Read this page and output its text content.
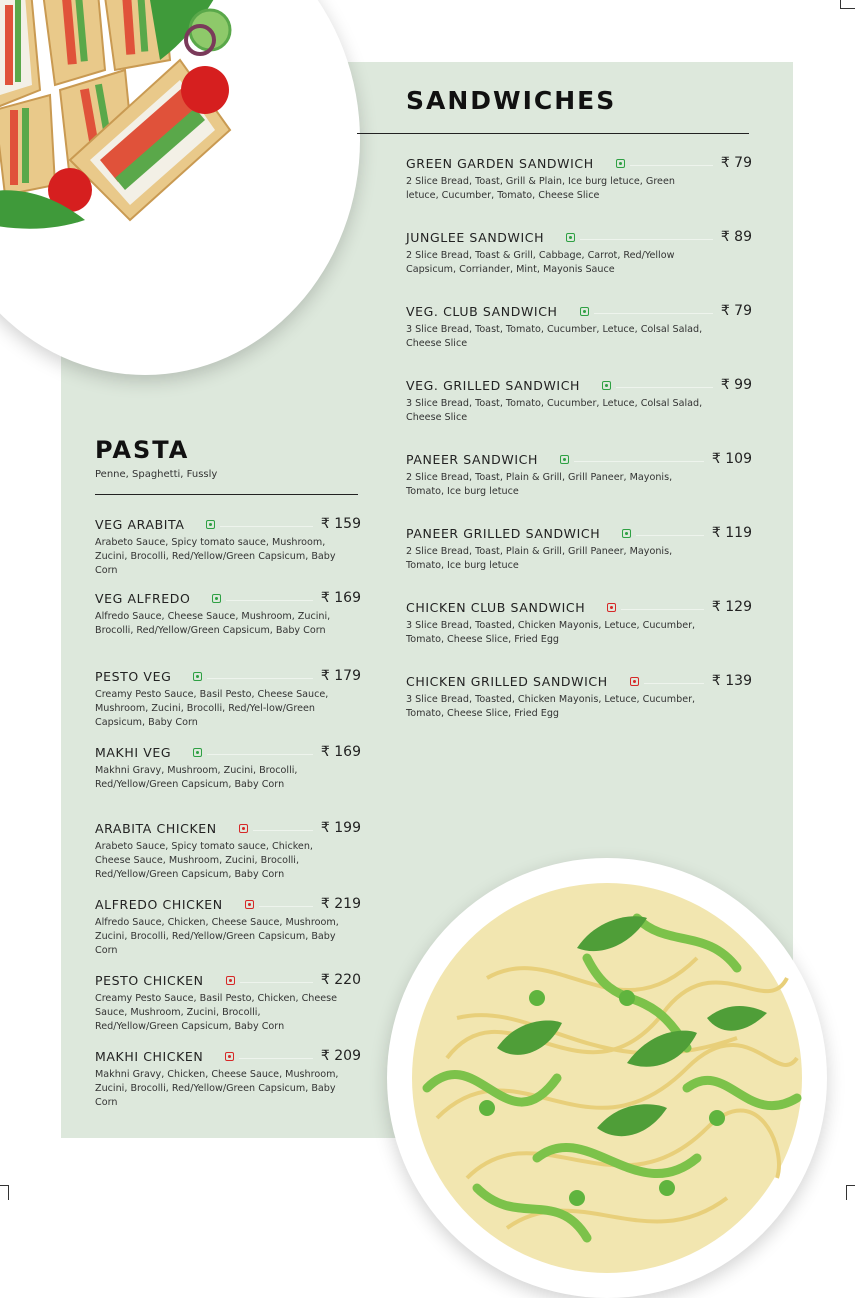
SANDWICHES
GREEN GARDEN SANDWICH	₹ 79
2 Slice Bread, Toast, Grill & Plain, Ice burg letuce, Green letuce, Cucumber, Tomato, Cheese Slice
JUNGLEE SANDWICH	₹ 89
2 Slice Bread, Toast & Grill, Cabbage, Carrot, Red/Yellow Capsicum, Corriander, Mint, Mayonis Sauce
VEG. CLUB SANDWICH	₹ 79
3 Slice Bread, Toast, Tomato, Cucumber, Letuce, Colsal Salad, Cheese Slice
VEG. GRILLED SANDWICH	₹ 99
3 Slice Bread, Toast, Tomato, Cucumber, Letuce, Colsal Salad, Cheese Slice
PANEER SANDWICH	₹ 109
2 Slice Bread, Toast, Plain & Grill, Grill Paneer, Mayonis, Tomato, Ice burg letuce
PANEER GRILLED SANDWICH	₹ 119
2 Slice Bread, Toast, Plain & Grill, Grill Paneer, Mayonis, Tomato, Ice burg letuce
CHICKEN CLUB SANDWICH	₹ 129
3 Slice Bread, Toasted, Chicken Mayonis, Letuce, Cucumber, Tomato, Cheese Slice, Fried Egg
CHICKEN GRILLED SANDWICH	₹ 139
3 Slice Bread, Toasted, Chicken Mayonis, Letuce, Cucumber, Tomato, Cheese Slice, Fried Egg
PASTA
Penne, Spaghetti, Fussly
VEG ARABITA	₹ 159
Arabeto Sauce, Spicy tomato sauce, Mushroom, Zucini, Brocolli, Red/Yellow/Green Capsicum, Baby Corn
VEG ALFREDO	₹ 169
Alfredo Sauce, Cheese Sauce, Mushroom, Zucini, Brocolli, Red/Yellow/Green Capsicum, Baby Corn
PESTO VEG	₹ 179
Creamy Pesto Sauce, Basil Pesto, Cheese Sauce, Mushroom, Zucini, Brocolli, Red/Yel-low/Green Capsicum, Baby Corn
MAKHI VEG	₹ 169
Makhni Gravy, Mushroom, Zucini, Brocolli, Red/Yellow/Green Capsicum, Baby Corn
ARABITA CHICKEN	₹ 199
Arabeto Sauce, Spicy tomato sauce, Chicken, Cheese Sauce, Mushroom, Zucini, Brocolli, Red/Yellow/Green Capsicum, Baby Corn
ALFREDO CHICKEN	₹ 219
Alfredo Sauce, Chicken, Cheese Sauce, Mushroom, Zucini, Brocolli, Red/Yellow/Green Capsicum, Baby Corn
PESTO CHICKEN	₹ 220
Creamy Pesto Sauce, Basil Pesto, Chicken, Cheese Sauce, Mushroom, Zucini, Brocolli, Red/Yellow/Green Capsicum, Baby Corn
MAKHI CHICKEN	₹ 209
Makhni Gravy, Chicken, Cheese Sauce, Mushroom, Zucini, Brocolli, Red/Yellow/Green Capsicum, Baby Corn
